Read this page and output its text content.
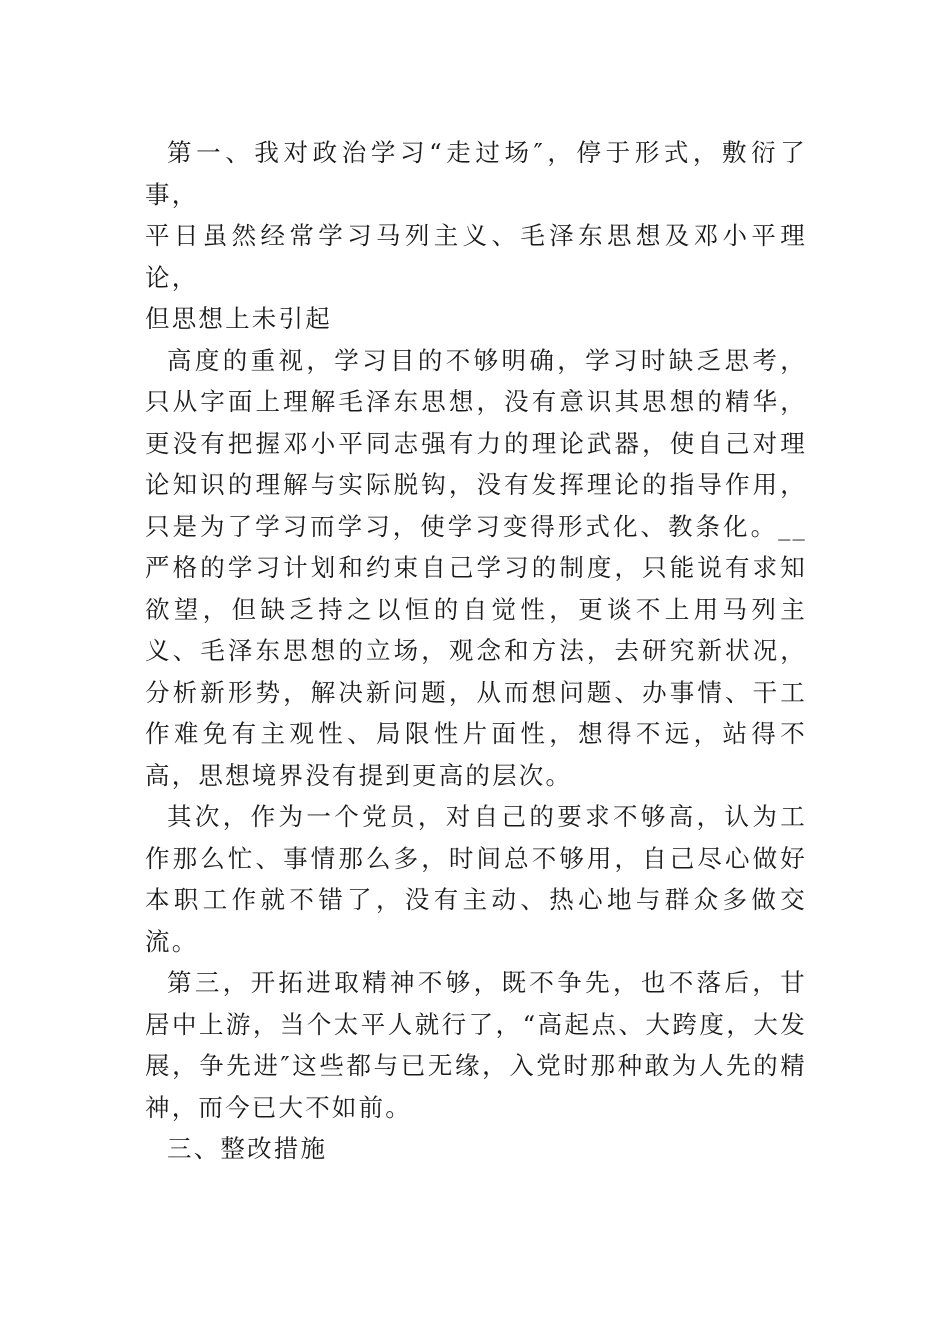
第一、我对政治学习“走过场″，停于形式，敷衍了事，
平日虽然经常学习马列主义、毛泽东思想及邓小平理论，
但思想上未引起

高度的重视，学习目的不够明确，学习时缺乏思考，只从字面上理解毛泽东思想，没有意识其思想的精华，更没有把握邓小平同志强有力的理论武器，使自己对理论知识的理解与实际脱钩，没有发挥理论的指导作用，只是为了学习而学习，使学习变得形式化、教条化。__严格的学习计划和约束自己学习的制度，只能说有求知欲望，但缺乏持之以恒的自觉性，更谈不上用马列主义、毛泽东思想的立场，观念和方法，去研究新状况，分析新形势，解决新问题，从而想问题、办事情、干工作难免有主观性、局限性片面性，想得不远，站得不高，思想境界没有提到更高的层次。

其次，作为一个党员，对自己的要求不够高，认为工作那么忙、事情那么多，时间总不够用，自己尽心做好本职工作就不错了，没有主动、热心地与群众多做交流。

第三，开拓进取精神不够，既不争先，也不落后，甘居中上游，当个太平人就行了，“高起点、大跨度，大发展，争先进″这些都与已无缘，入党时那种敢为人先的精神，而今已大不如前。

三、整改措施
